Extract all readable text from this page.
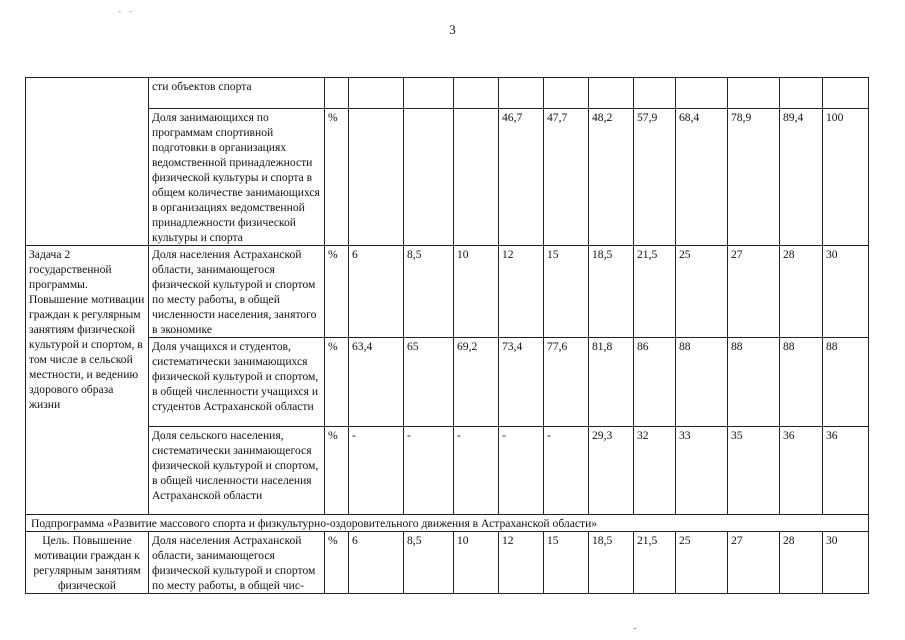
- -
3
	сти объектов спорта												
	Доля занимающихся по программам спортивной подготовки в организациях ведомственной принадлежности физической культуры и спорта в общем количестве занимающихся в организациях ведомственной принадлежности физической культуры и спорта	%				46,7	47,7	48,2	57,9	68,4	78,9	89,4	100
Задача 2 государственной программы. Повышение мотивации граждан к регулярным занятиям физической культурой и спортом, в том числе в сельской местности, и ведению здорового образа жизни	Доля населения Астраханской области, занимающегося физической культурой и спортом по месту работы, в общей численности населения, занятого в экономике	%	6	8,5	10	12	15	18,5	21,5	25	27	28	30
	Доля учащихся и студентов, систематически занимающихся физической культурой и спортом, в общей численности учащихся и студентов Астраханской области	%	63,4	65	69,2	73,4	77,6	81,8	86	88	88	88	88
	Доля сельского населения, систематически занимающегося физической культурой и спортом, в общей численности населения Астраханской области	%	-	-	-	-	-	29,3	32	33	35	36	36
Подпрограмма «Развитие массового спорта и физкультурно-оздоровительного движения в Астраханской области»													
Цель. Повышение мотивации граждан к регулярным занятиям физической	Доля населения Астраханской области, занимающегося физической культурой и спортом по месту работы, в общей чис-	%	6	8,5	10	12	15	18,5	21,5	25	27	28	30
